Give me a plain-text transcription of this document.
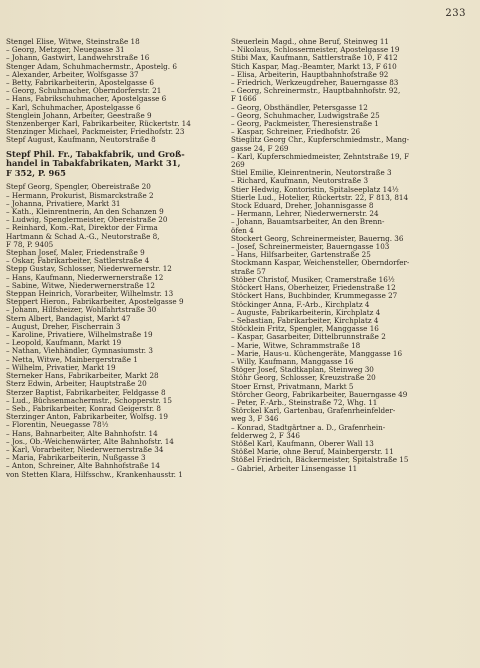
233
Stengel Elise, Witwe, Steinstraße 18
– Georg, Metzger, Neuegasse 31
– Johann, Gastwirt, Landwehrstraße 16
Stenger Adam, Schuhmachermstr., Apostelg. 6
– Alexander, Arbeiter, Wolfsgasse 37
– Betty, Fabrikarbeiterin, Apostelgasse 6
– Georg, Schuhmacher, Oberndorferstr. 21
– Hans, Fabrikschuhmacher, Apostelgasse 6
– Karl, Schuhmacher, Apostelgasse 6
Stenglein Johann, Arbeiter, Geestraße 9
Stenzenberger Karl, Fabrikarbeiter, Rückertstr. 14
Stenzinger Michael, Packmeister, Friedhofstr. 23
Stepf August, Kaufmann, Neutorstraße 8
Stepf Phil. Fr., Tabakfabrik, und Groß-
handel in Tabakfabrikaten, Markt 31,
F 352, P. 965
Stepf Georg, Spengler, Obereistraße 20
– Hermann, Prokurist, Bismarckstraße 2
– Johanna, Privatiere, Markt 31
– Kath., Kleinrentnerin, An den Schanzen 9
– Ludwig, Spenglermeister, Obereistraße 20
– Reinhard, Kom.-Rat, Direktor der Firma
Hartmann & Schad A.-G., Neutorstraße 8,
F 78, P. 9405
Stephan Josef, Maler, Friedenstraße 9
– Oskar, Fabrikarbeiter, Sattlerstraße 4
Stepp Gustav, Schlosser, Niederwernerstr. 12
– Hans, Kaufmann, Niederwernerstraße 12
– Sabine, Witwe, Niederwernerstraße 12
Steppan Heinrich, Vorarbeiter, Wilhelmstr. 13
Steppert Hieron., Fabrikarbeiter, Apostelgasse 9
– Johann, Hilfsheizer, Wohlfahrtstraße 30
Stern Albert, Bandagist, Markt 47
– August, Dreher, Fischerrain 3
– Karoline, Privatiere, Wilhelmstraße 19
– Leopold, Kaufmann, Markt 19
– Nathan, Viehhändler, Gymnasiumstr. 3
– Netta, Witwe, Mainbergerstraße 1
– Wilhelm, Privatier, Markt 19
Sterneker Hans, Fabrikarbeiter, Markt 28
Sterz Edwin, Arbeiter, Hauptstraße 20
Sterzer Baptist, Fabrikarbeiter, Feldgasse 8
– Lud., Büchsenmachermstr., Schopperstr. 15
– Seb., Fabrikarbeiter, Konrad Geigerstr. 8
Sterzinger Anton, Fabrikarbeiter, Wolfsg. 19
– Florentin, Neuegasse 78½
– Hans, Bahnarbeiter, Alte Bahnhofstr. 14
– Jos., Ob.-Weichenwärter, Alte Bahnhofstr. 14
– Karl, Vorarbeiter, Niederwernerstraße 34
– Maria, Fabrikarbeiterin, Nußgasse 3
– Anton, Schreiner, Alte Bahnhofstraße 14
von Stetten Klara, Hilfsschw., Krankenhausstr. 1
Steuerlein Magd., ohne Beruf, Steinweg 11
– Nikolaus, Schlossermeister, Apostelgasse 19
Stibi Max, Kaufmann, Sattlerstraße 10, F 412
Stich Kaspar, Mag.-Beamter, Markt 13, F 610
– Elisa, Arbeiterin, Hauptbahnhofstraße 92
– Friedrich, Werkzeugdreher, Bauerngasse 83
– Georg, Schreinermstr., Hauptbahnhofstr. 92,
F 1666
– Georg, Obsthändler, Petersgasse 12
– Georg, Schuhmacher, Ludwigstraße 25
– Georg, Packmeister, Theresienstraße 1
– Kaspar, Schreiner, Friedhofstr. 26
Stieglitz Georg Chr., Kupferschmiedmstr., Mang-
gasse 24, F 269
– Karl, Kupferschmiedmeister, Zehntstraße 19, F
269
Stiel Emilie, Kleinrentnerin, Neutorstraße 3
– Richard, Kaufmann, Neutorstraße 3
Stier Hedwig, Kontoristin, Spitalseeplatz 14½
Stierle Lud., Hotelier, Rückertstr. 22, F 813, 814
Stock Eduard, Dreher, Johannisgasse 8
– Hermann, Lehrer, Niederwernerstr. 24
– Johann, Bauamtsarbeiter, An den Brenn-
öfen 4
Stockert Georg, Schreinermeister, Bauerng. 36
– Josef, Schreinermeister, Bauerngasse 103
– Hans, Hilfsarbeiter, Gartenstraße 25
Stockmann Kaspar, Weichensteller, Oberndorfer-
straße 57
Stöber Christof, Musiker, Cramerstraße 16½
Stöckert Hans, Oberheizer, Friedenstraße 12
Stöckert Hans, Buchbinder, Krummegasse 27
Stöckinger Anna, F.-Arb., Kirchplatz 4
– Auguste, Fabrikarbeiterin, Kirchplatz 4
– Sebastian, Fabrikarbeiter, Kirchplatz 4
Stöcklein Fritz, Spengler, Manggasse 16
– Kaspar, Gasarbeiter, Dittelbrunnstraße 2
– Marie, Witwe, Schrammstraße 18
– Marie, Haus-u. Küchengeräte, Manggasse 16
– Willy, Kaufmann, Manggasse 16
Stöger Josef, Stadtkaplan, Steinweg 30
Stöhr Georg, Schlosser, Kreuzstraße 20
Stoer Ernst, Privatmann, Markt 5
Störcher Georg, Fabrikarbeiter, Bauerngasse 49
– Peter, F.-Arb., Steinstraße 72, Whg. 11
Störckel Karl, Gartenbau, Grafenrheinfelder-
weg 3, F 346
– Konrad, Stadtgärtner a. D., Grafenrhein-
felderweg 2, F 346
Stößel Karl, Kaufmann, Oberer Wall 13
Stößel Marie, ohne Beruf, Mainbergerstr. 11
Stößel Friedrich, Bäckermeister, Spitalstraße 15
– Gabriel, Arbeiter Linsengasse 11
